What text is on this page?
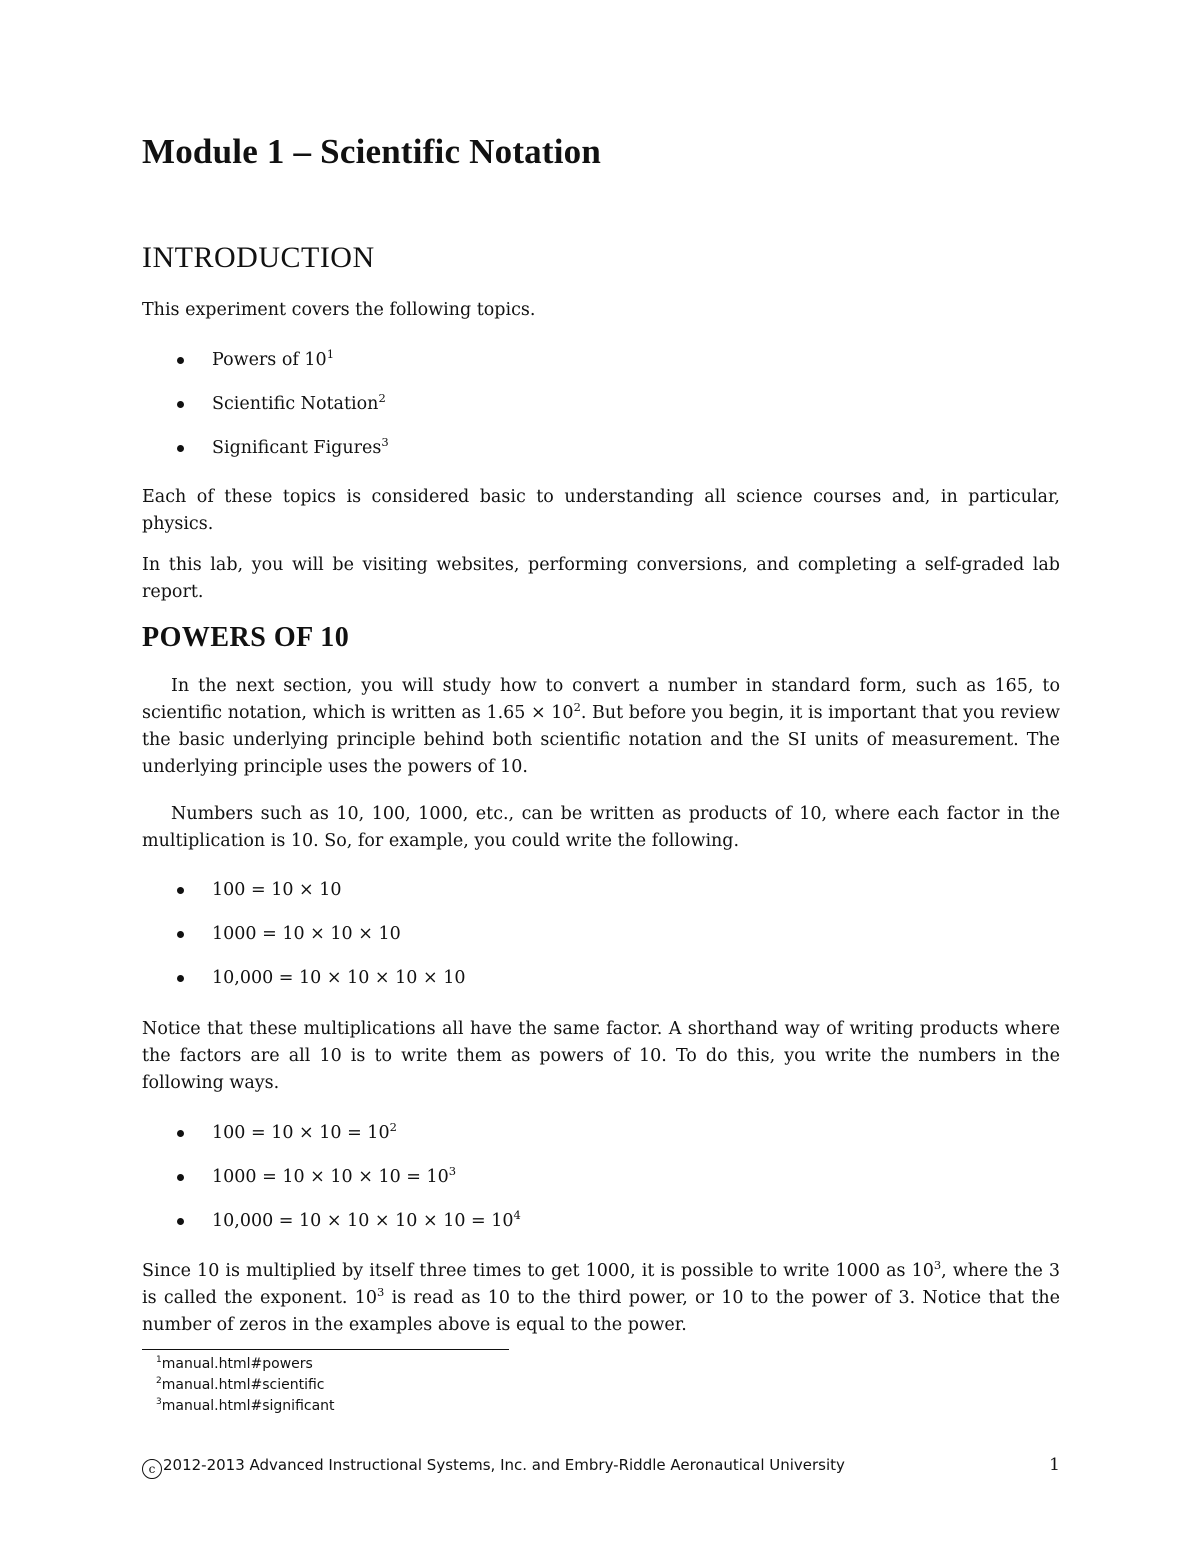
Module 1 – Scientific Notation
INTRODUCTION

This experiment covers the following topics.

Powers of $10^1$
Scientific Notation$^2$
Significant Figures$^3$

Each of these topics is considered basic to understanding all science courses and, in particular, physics.

In this lab, you will be visiting websites, performing conversions, and completing a self-graded lab report.

POWERS OF 10

In the next section, you will study how to convert a number in standard form, such as 165, to scientific notation, which is written as $1.65 \times 10^2$. But before you begin, it is important that you review the basic underlying principle behind both scientific notation and the SI units of measurement. The underlying principle uses the powers of 10.

Numbers such as 10, 100, 1000, etc., can be written as products of 10, where each factor in the multiplication is 10. So, for example, you could write the following.

100 = 10 × 10
1000 = 10 × 10 × 10
10,000 = 10 × 10 × 10 × 10

Notice that these multiplications all have the same factor. A shorthand way of writing products where the factors are all 10 is to write them as powers of 10. To do this, you write the numbers in the following ways.

$100 = 10 \times 10 = 10^2$
$1000 = 10 \times 10 \times 10 = 10^3$
$10,000 = 10 \times 10 \times 10 \times 10 = 10^4$

Since 10 is multiplied by itself three times to get 1000, it is possible to write 1000 as $10^3$, where the 3 is called the exponent. $10^3$ is read as 10 to the third power, or 10 to the power of 3. Notice that the number of zeros in the examples above is equal to the power.

$^1$manual.html#powers
$^2$manual.html#scientific
$^3$manual.html#significant
c 2012-2013 Advanced Instructional Systems, Inc. and Embry-Riddle Aeronautical University	1
